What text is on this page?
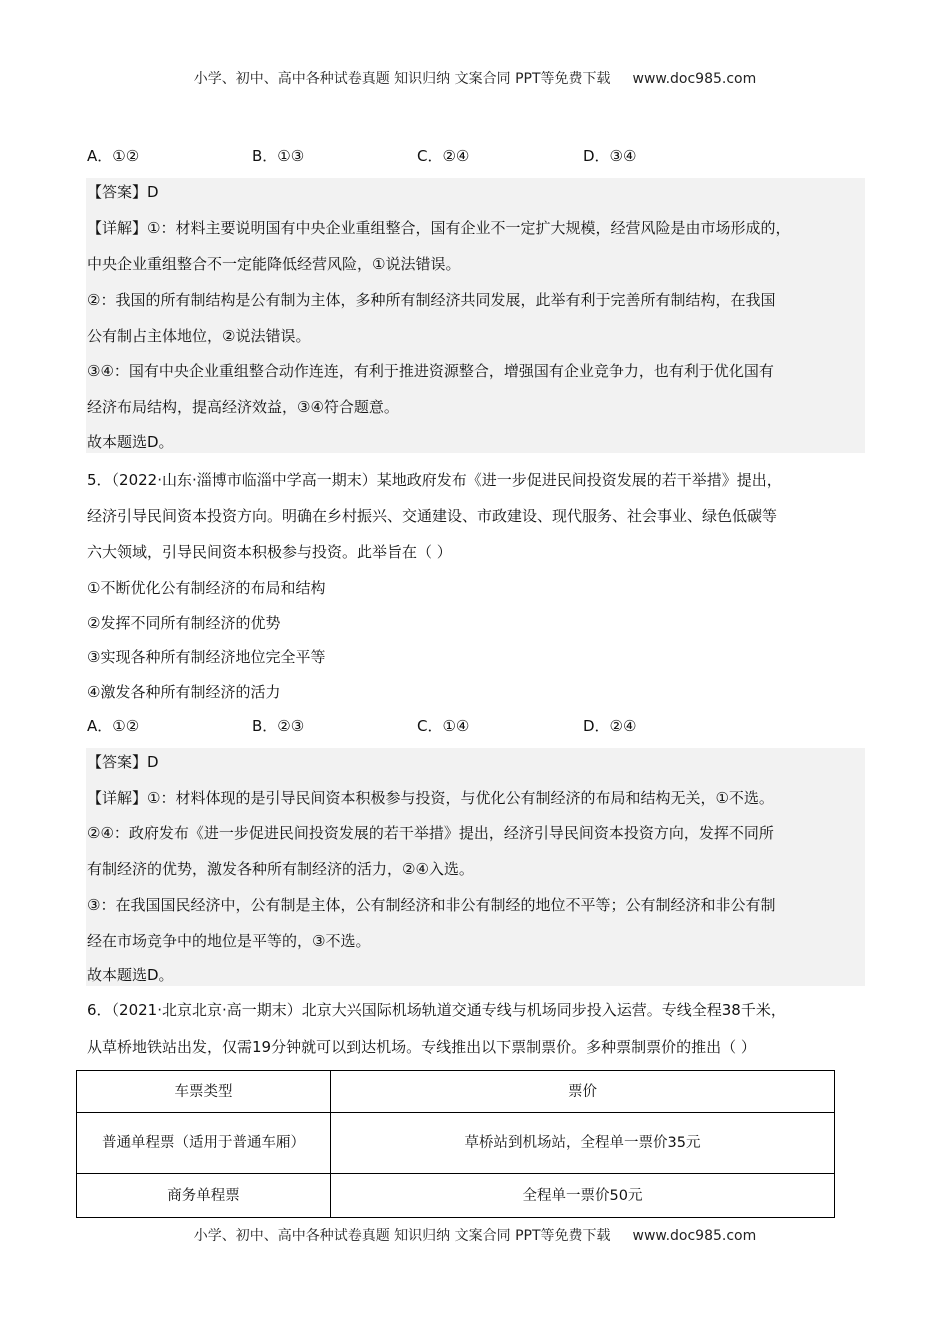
小学、初中、高中各种试卷真题 知识归纳 文案合同 PPT等免费下载 www.doc985.com
A．①②	B．①③	C．②④	D．③④
【答案】D
【详解】①：材料主要说明国有中央企业重组整合，国有企业不一定扩大规模，经营风险是由市场形成的，
中央企业重组整合不一定能降低经营风险，①说法错误。
②：我国的所有制结构是公有制为主体，多种所有制经济共同发展，此举有利于完善所有制结构，在我国
公有制占主体地位，②说法错误。
③④：国有中央企业重组整合动作连连，有利于推进资源整合，增强国有企业竞争力，也有利于优化国有
经济布局结构，提高经济效益，③④符合题意。
故本题选D。
5．（2022·山东·淄博市临淄中学高一期末）某地政府发布《进一步促进民间投资发展的若干举措》提出，
经济引导民间资本投资方向。明确在乡村振兴、交通建设、市政建设、现代服务、社会事业、绿色低碳等
六大领域，引导民间资本积极参与投资。此举旨在（ ）
①不断优化公有制经济的布局和结构
②发挥不同所有制经济的优势
③实现各种所有制经济地位完全平等
④激发各种所有制经济的活力
A．①②	B．②③	C．①④	D．②④
【答案】D
【详解】①：材料体现的是引导民间资本积极参与投资，与优化公有制经济的布局和结构无关，①不选。
②④：政府发布《进一步促进民间投资发展的若干举措》提出，经济引导民间资本投资方向，发挥不同所
有制经济的优势，激发各种所有制经济的活力，②④入选。
③：在我国国民经济中，公有制是主体，公有制经济和非公有制经的地位不平等；公有制经济和非公有制
经在市场竞争中的地位是平等的，③不选。
故本题选D。
6．（2021·北京北京·高一期末）北京大兴国际机场轨道交通专线与机场同步投入运营。专线全程38千米，
从草桥地铁站出发，仅需19分钟就可以到达机场。专线推出以下票制票价。多种票制票价的推出（ ）
车票类型	票价
普通单程票（适用于普通车厢）	草桥站到机场站，全程单一票价35元
商务单程票	全程单一票价50元
小学、初中、高中各种试卷真题 知识归纳 文案合同 PPT等免费下载 www.doc985.com
